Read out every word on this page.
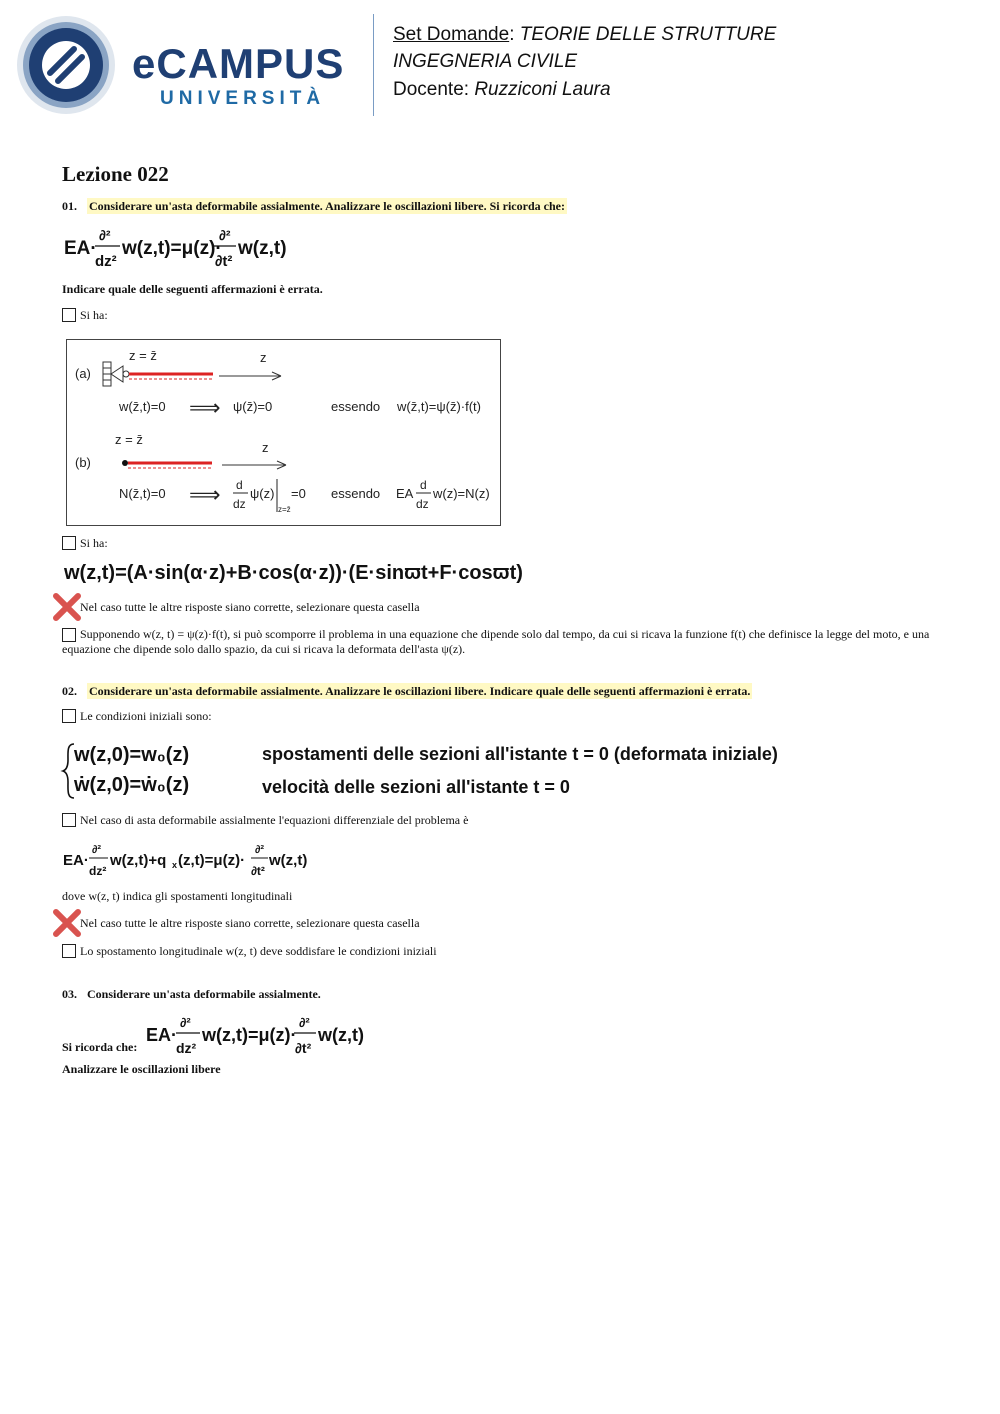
eCAMPUS
UNIVERSITÀ
Set Domande: TEORIE DELLE STRUTTURE
INGEGNERIA CIVILE
Docente: Ruzziconi Laura
Lezione 022
01. Considerare un'asta deformabile assialmente. Analizzare le oscillazioni libere. Si ricorda che:
EA·
∂²
dz²
w(z,t)=μ(z)·
∂²
∂t²
w(z,t)
Indicare quale delle seguenti affermazioni è errata.
Si ha:
(a)
z = z̄	z
w(z̄,t)=0 ⟹ ψ(z̄)=0	essendo w(z̄,t)=ψ(z̄)·f(t)
(b)
z = z̄
z
N(z̄,t)=0 ⟹ d
dz
ψ(z) =0
z=z̄
essendo EA
d
dz
w(z)=N(z)
Si ha:
w(z,t)=(A·sin(α·z)+B·cos(α·z))·(E·sinϖt+F·cosϖt)
Nel caso tutte le altre risposte siano corrette, selezionare questa casella
Supponendo w(z, t) = ψ(z)·f(t), si può scomporre il problema in una equazione che dipende solo dal tempo, da cui si ricava la funzione f(t) che definisce la legge del moto, e una equazione che dipende solo dallo spazio, da cui si ricava la deformata dell'asta ψ(z).
02. Considerare un'asta deformabile assialmente. Analizzare le oscillazioni libere. Indicare quale delle seguenti affermazioni è errata.
Le condizioni iniziali sono:
w(z,0)=w₀(z)
ẇ(z,0)=ẇ₀(z)
spostamenti delle sezioni all'istante t = 0 (deformata iniziale)
velocità delle sezioni all'istante t = 0
Nel caso di asta deformabile assialmente l'equazioni differenziale del problema è
EA·
∂²
dz²
w(z,t)+q x (z,t)=μ(z)·
∂²
∂t²
w(z,t)
dove w(z, t) indica gli spostamenti longitudinali
Nel caso tutte le altre risposte siano corrette, selezionare questa casella
Lo spostamento longitudinale w(z, t) deve soddisfare le condizioni iniziali
03. Considerare un'asta deformabile assialmente.
Si ricorda che:
EA·
∂²
dz²
w(z,t)=μ(z)·
∂²
∂t²
w(z,t)
Analizzare le oscillazioni libere
